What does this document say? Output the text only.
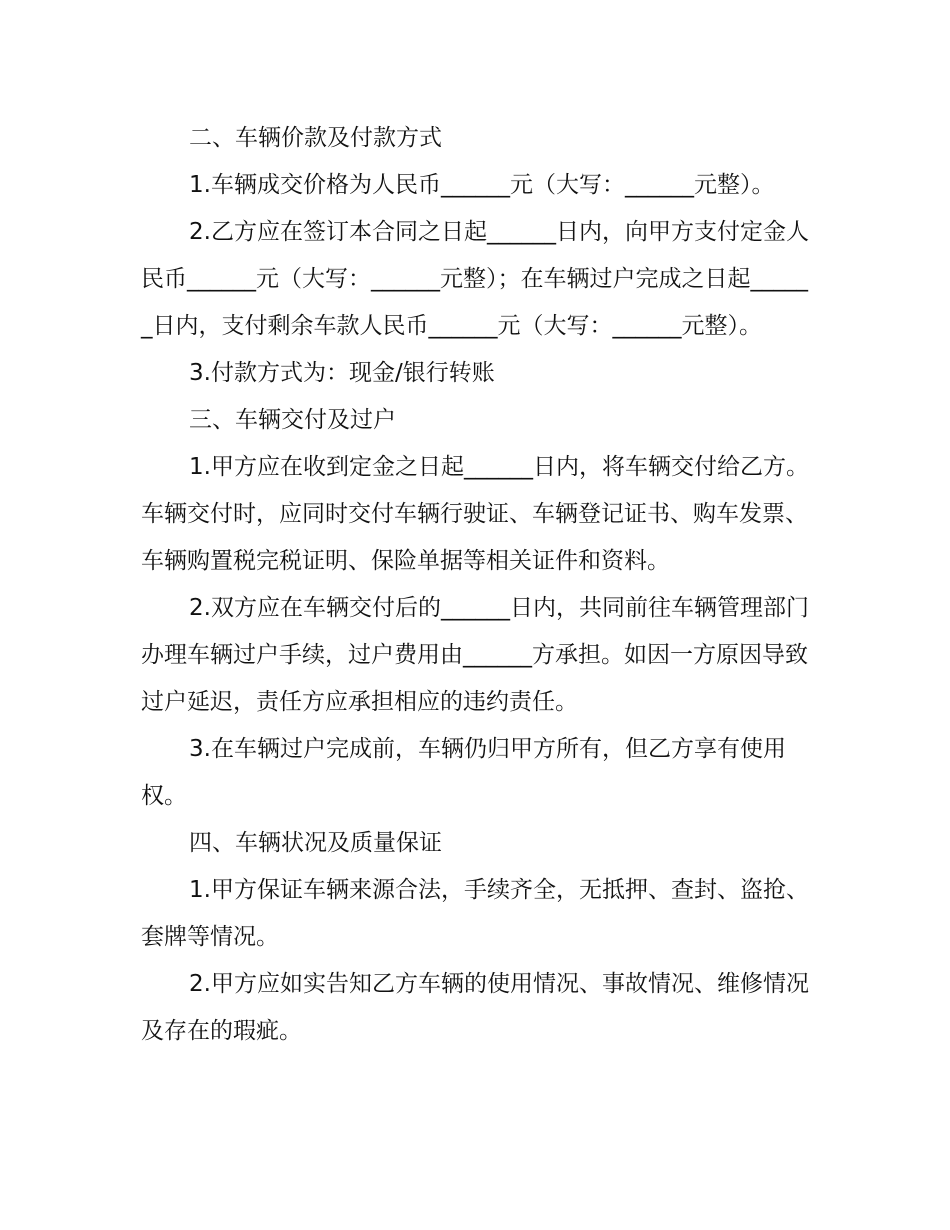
二、车辆价款及付款方式

1.车辆成交价格为人民币______元（大写：______元整）。

2.乙方应在签订本合同之日起______日内，向甲方支付定金人民币______元（大写：______元整）；在车辆过户完成之日起______日内，支付剩余车款人民币______元（大写：______元整）。

3.付款方式为：现金/银行转账

三、车辆交付及过户

1.甲方应在收到定金之日起______日内，将车辆交付给乙方。车辆交付时，应同时交付车辆行驶证、车辆登记证书、购车发票、车辆购置税完税证明、保险单据等相关证件和资料。

2.双方应在车辆交付后的______日内，共同前往车辆管理部门办理车辆过户手续，过户费用由______方承担。如因一方原因导致过户延迟，责任方应承担相应的违约责任。

3.在车辆过户完成前，车辆仍归甲方所有，但乙方享有使用权。

四、车辆状况及质量保证

1.甲方保证车辆来源合法，手续齐全，无抵押、查封、盗抢、套牌等情况。

2.甲方应如实告知乙方车辆的使用情况、事故情况、维修情况及存在的瑕疵。
